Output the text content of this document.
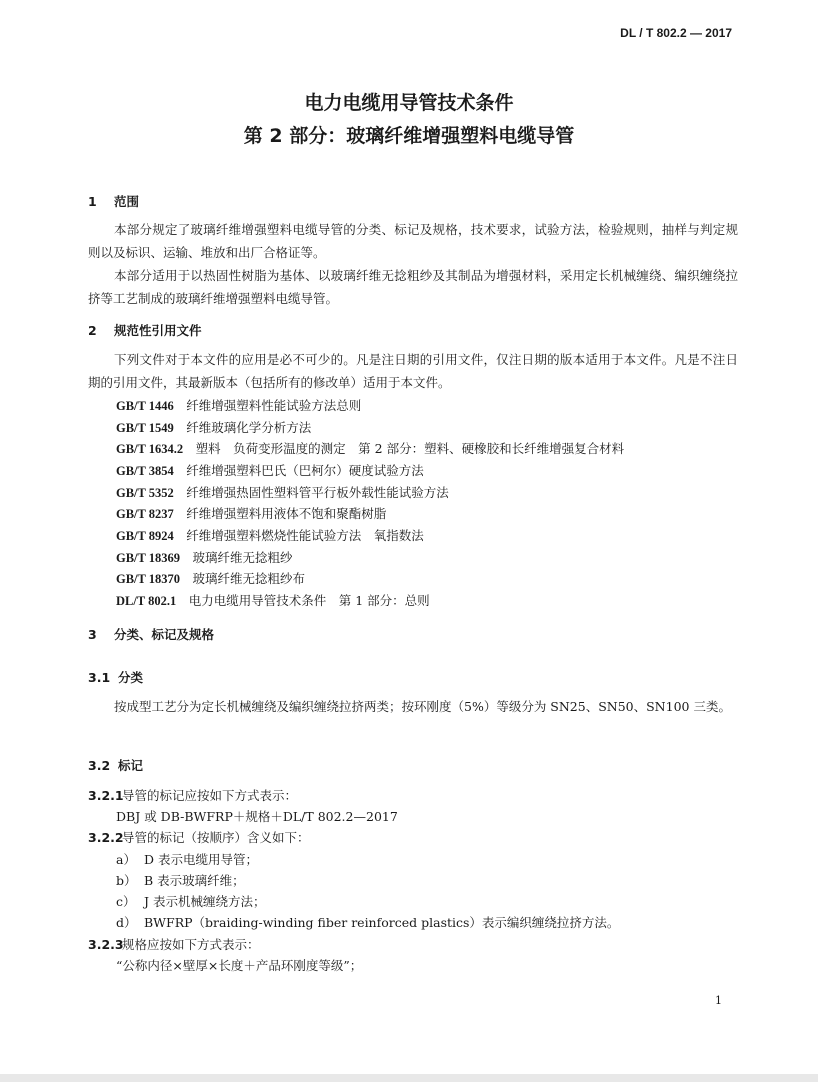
DL / T 802.2 — 2017
电力电缆用导管技术条件
第 2 部分：玻璃纤维增强塑料电缆导管
1 范围
本部分规定了玻璃纤维增强塑料电缆导管的分类、标记及规格，技术要求，试验方法，检验规则，抽样与判定规则以及标识、运输、堆放和出厂合格证等。
本部分适用于以热固性树脂为基体、以玻璃纤维无捻粗纱及其制品为增强材料，采用定长机械缠绕、编织缠绕拉挤等工艺制成的玻璃纤维增强塑料电缆导管。
2 规范性引用文件
下列文件对于本文件的应用是必不可少的。凡是注日期的引用文件，仅注日期的版本适用于本文件。凡是不注日期的引用文件，其最新版本（包括所有的修改单）适用于本文件。
GB/T 1446　 纤维增强塑料性能试验方法总则
GB/T 1549　 纤维玻璃化学分析方法
GB/T 1634.2　 塑料　负荷变形温度的测定　第 2 部分：塑料、硬橡胶和长纤维增强复合材料
GB/T 3854　 纤维增强塑料巴氏（巴柯尔）硬度试验方法
GB/T 5352　 纤维增强热固性塑料管平行板外载性能试验方法
GB/T 8237　 纤维增强塑料用液体不饱和聚酯树脂
GB/T 8924　 纤维增强塑料燃烧性能试验方法　氧指数法
GB/T 18369　 玻璃纤维无捻粗纱
GB/T 18370　 玻璃纤维无捻粗纱布
DL/T 802.1　 电力电缆用导管技术条件　第 1 部分：总则
3 分类、标记及规格
3.1 分类
按成型工艺分为定长机械缠绕及编织缠绕拉挤两类；按环刚度（5%）等级分为 SN25、SN50、SN100 三类。
3.2 标记
3.2.1导管的标记应按如下方式表示：
DBJ 或 DB-BWFRP＋规格＋DL/T 802.2—2017
3.2.2导管的标记（按顺序）含义如下：
a） D 表示电缆用导管；
b） B 表示玻璃纤维；
c） J 表示机械缠绕方法；
d） BWFRP（braiding-winding fiber reinforced plastics）表示编织缠绕拉挤方法。
3.2.3规格应按如下方式表示：
“公称内径×壁厚×长度＋产品环刚度等级”；
1
